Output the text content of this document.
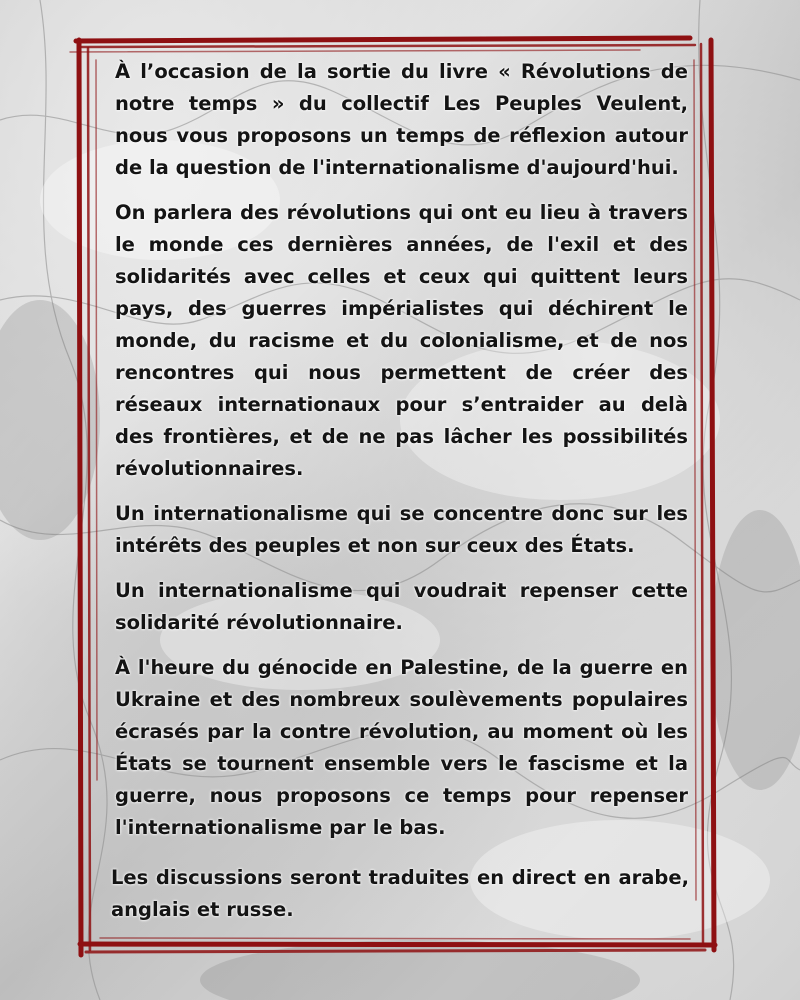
À l’occasion de la sortie du livre « Révolutions de notre temps » du collectif Les Peuples Veulent, nous vous proposons un temps de réflexion autour de la question de l'internationalisme d'aujourd'hui.

On parlera des révolutions qui ont eu lieu à travers le monde ces dernières années, de l'exil et des solidarités avec celles et ceux qui quittent leurs pays, des guerres impérialistes qui déchirent le monde, du racisme et du colonialisme, et de nos rencontres qui nous permettent de créer des réseaux internationaux pour s’entraider au delà des frontières, et de ne pas lâcher les possibilités révolutionnaires.

Un internationalisme qui se concentre donc sur les intérêts des peuples et non sur ceux des États.

Un internationalisme qui voudrait repenser cette solidarité révolutionnaire.

À l'heure du génocide en Palestine, de la guerre en Ukraine et des nombreux soulèvements populaires écrasés par la contre révolution, au moment où les États se tournent ensemble vers le fascisme et la guerre, nous proposons ce temps pour repenser l'internationalisme par le bas.

Les discussions seront traduites en direct en arabe, anglais et russe.
